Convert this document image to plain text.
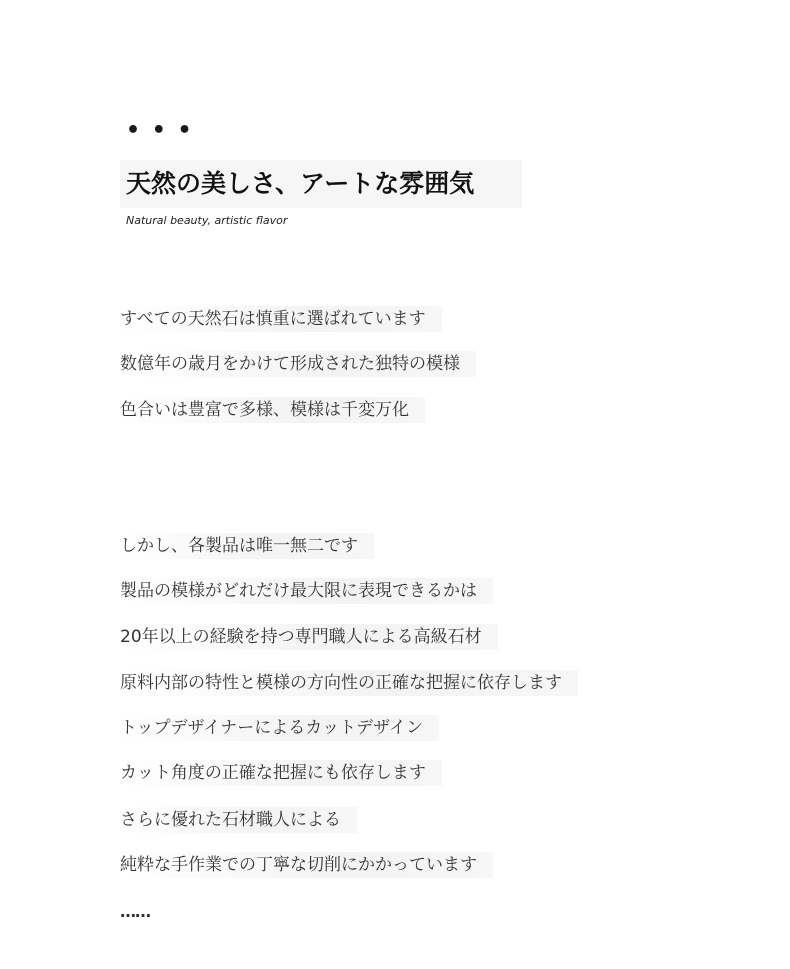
• • •
天然の美しさ、アートな雰囲気
Natural beauty, artistic flavor
すべての天然石は慎重に選ばれています
数億年の歳月をかけて形成された独特の模様
色合いは豊富で多様、模様は千変万化
しかし、各製品は唯一無二です
製品の模様がどれだけ最大限に表現できるかは
20年以上の経験を持つ専門職人による高級石材
原料内部の特性と模様の方向性の正確な把握に依存します
トップデザイナーによるカットデザイン
カット角度の正確な把握にも依存します
さらに優れた石材職人による
純粋な手作業での丁寧な切削にかかっています
……
